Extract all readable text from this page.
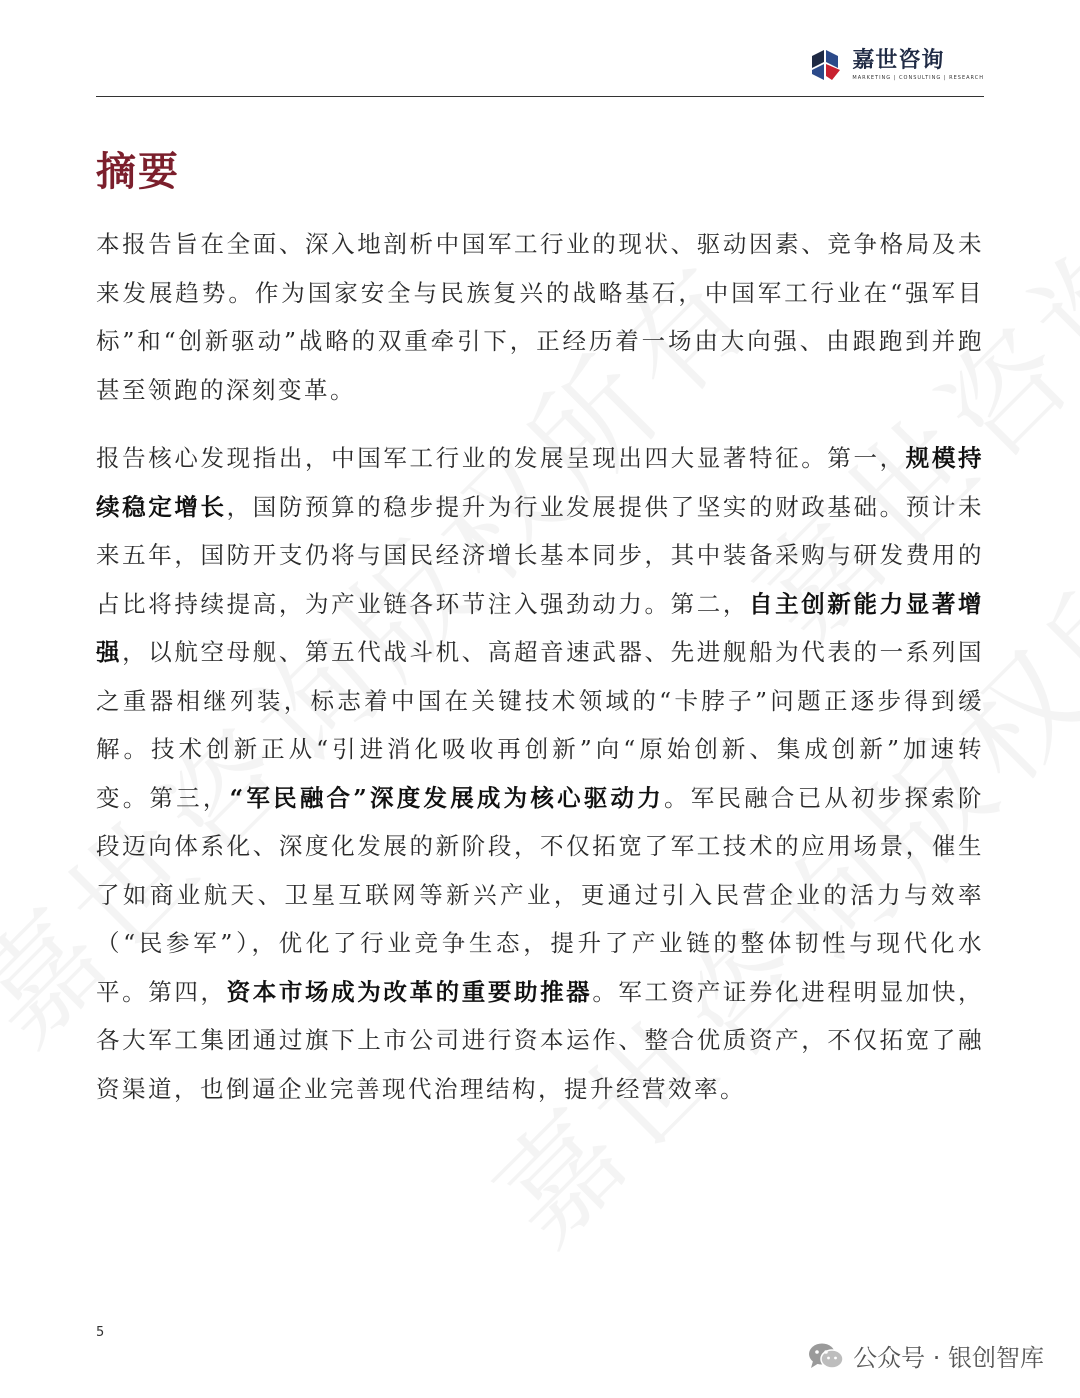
嘉世咨询
MARKETING | CONSULTING | RESEARCH
摘要

本报告旨在全面、深入地剖析中国军工行业的现状、驱动因素、竞争格局及未来发展趋势。作为国家安全与民族复兴的战略基石，中国军工行业在“强军目标”和“创新驱动”战略的双重牵引下，正经历着一场由大向强、由跟跑到并跑甚至领跑的深刻变革。

报告核心发现指出，中国军工行业的发展呈现出四大显著特征。第一，规模持续稳定增长，国防预算的稳步提升为行业发展提供了坚实的财政基础。预计未来五年，国防开支仍将与国民经济增长基本同步，其中装备采购与研发费用的占比将持续提高，为产业链各环节注入强劲动力。第二，自主创新能力显著增强，以航空母舰、第五代战斗机、高超音速武器、先进舰船为代表的一系列国之重器相继列装，标志着中国在关键技术领域的“卡脖子”问题正逐步得到缓解。技术创新正从“引进消化吸收再创新”向“原始创新、集成创新”加速转变。第三，“军民融合”深度发展成为核心驱动力。军民融合已从初步探索阶段迈向体系化、深度化发展的新阶段，不仅拓宽了军工技术的应用场景，催生了如商业航天、卫星互联网等新兴产业，更通过引入民营企业的活力与效率（“民参军”），优化了行业竞争生态，提升了产业链的整体韧性与现代化水平。第四，资本市场成为改革的重要助推器。军工资产证券化进程明显加快，各大军工集团通过旗下上市公司进行资本运作、整合优质资产，不仅拓宽了融资渠道，也倒逼企业完善现代治理结构，提升经营效率。

5
公众号 · 银创智库
